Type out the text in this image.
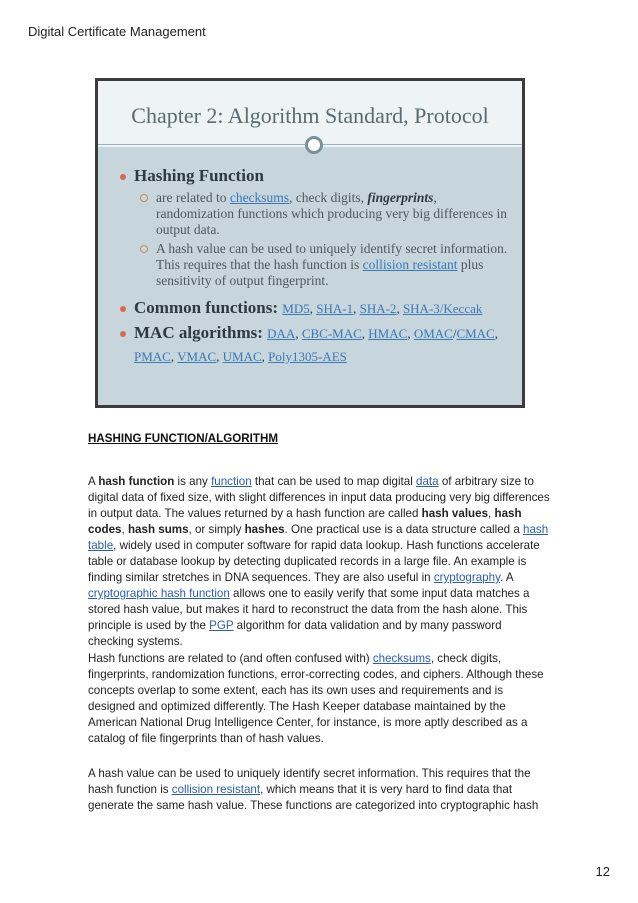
Digital Certificate Management
Chapter 2: Algorithm Standard, Protocol
Hashing Function
are related to checksums, check digits, fingerprints, randomization functions which producing very big differences in output data.
A hash value can be used to uniquely identify secret information. This requires that the hash function is collision resistant plus sensitivity of output fingerprint.
Common functions: MD5, SHA-1, SHA-2, SHA-3/Keccak
MAC algorithms: DAA, CBC-MAC, HMAC, OMAC/CMAC, PMAC, VMAC, UMAC, Poly1305-AES
HASHING FUNCTION/ALGORITHM
A hash function is any function that can be used to map digital data of arbitrary size to digital data of fixed size, with slight differences in input data producing very big differences in output data. The values returned by a hash function are called hash values, hash codes, hash sums, or simply hashes. One practical use is a data structure called a hash table, widely used in computer software for rapid data lookup. Hash functions accelerate table or database lookup by detecting duplicated records in a large file. An example is finding similar stretches in DNA sequences. They are also useful in cryptography. A cryptographic hash function allows one to easily verify that some input data matches a stored hash value, but makes it hard to reconstruct the data from the hash alone. This principle is used by the PGP algorithm for data validation and by many password checking systems.
Hash functions are related to (and often confused with) checksums, check digits, fingerprints, randomization functions, error-correcting codes, and ciphers. Although these concepts overlap to some extent, each has its own uses and requirements and is designed and optimized differently. The Hash Keeper database maintained by the American National Drug Intelligence Center, for instance, is more aptly described as a catalog of file fingerprints than of hash values.
A hash value can be used to uniquely identify secret information. This requires that the hash function is collision resistant, which means that it is very hard to find data that generate the same hash value. These functions are categorized into cryptographic hash
12
